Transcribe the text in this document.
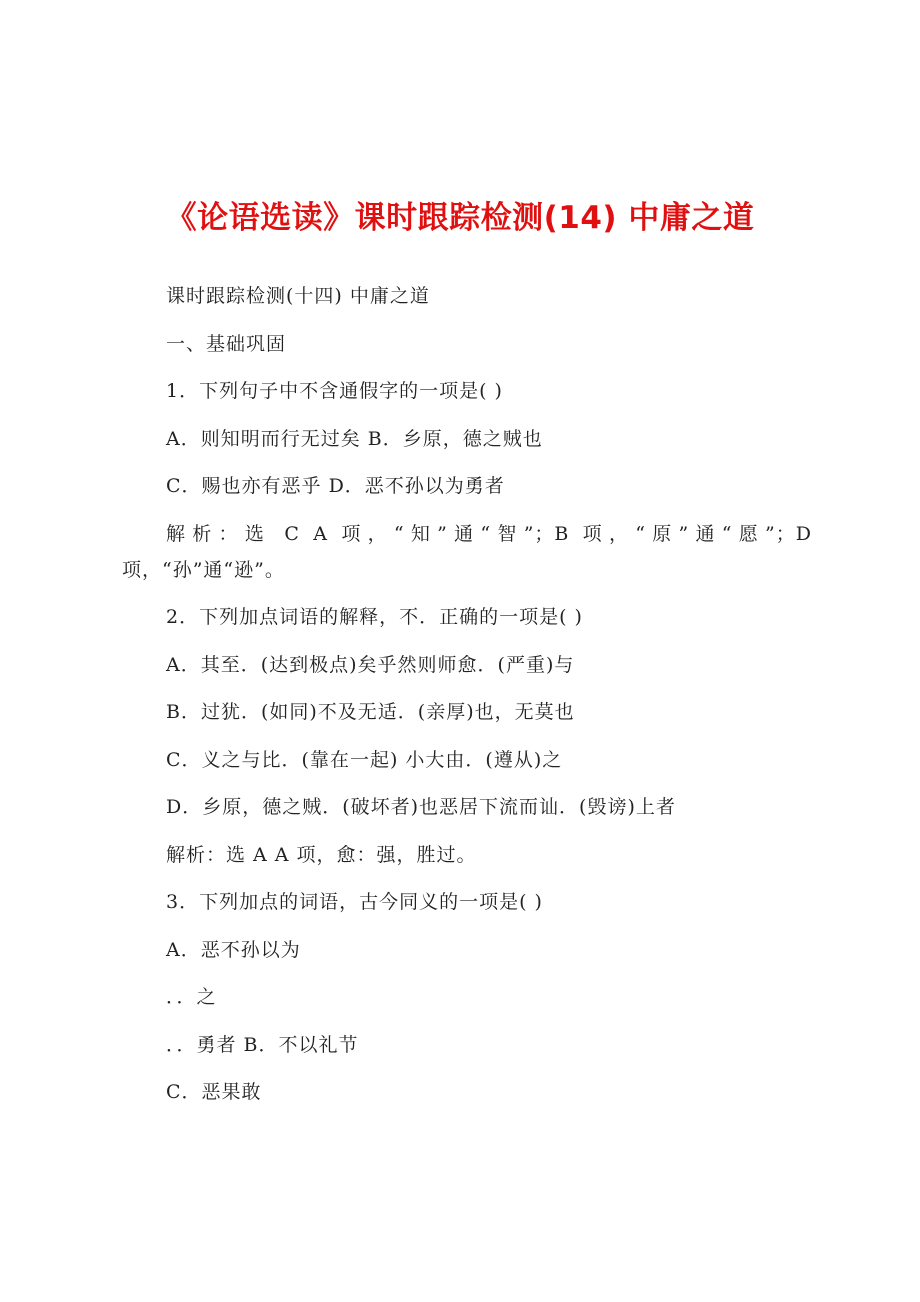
《论语选读》课时跟踪检测(14) 中庸之道

课时跟踪检测(十四) 中庸之道

一、基础巩固

1．下列句子中不含通假字的一项是( )

A．则知明而行无过矣 B．乡原，德之贼也

C．赐也亦有恶乎 D．恶不孙以为勇者

解析：选 C A 项，“知”通“智”；B 项，“原”通“愿”；D 项，“孙”通“逊”。

2．下列加点词语的解释，不．正确的一项是( )

A．其至．(达到极点)矣乎然则师愈．(严重)与

B．过犹．(如同)不及无适．(亲厚)也，无莫也

C．义之与比．(靠在一起) 小大由．(遵从)之

D．乡原，德之贼．(破坏者)也恶居下流而讪．(毁谤)上者

解析：选 A A 项，愈：强，胜过。

3．下列加点的词语，古今同义的一项是( )

A．恶不孙以为

．．之

．．勇者 B．不以礼节

C．恶果敢
